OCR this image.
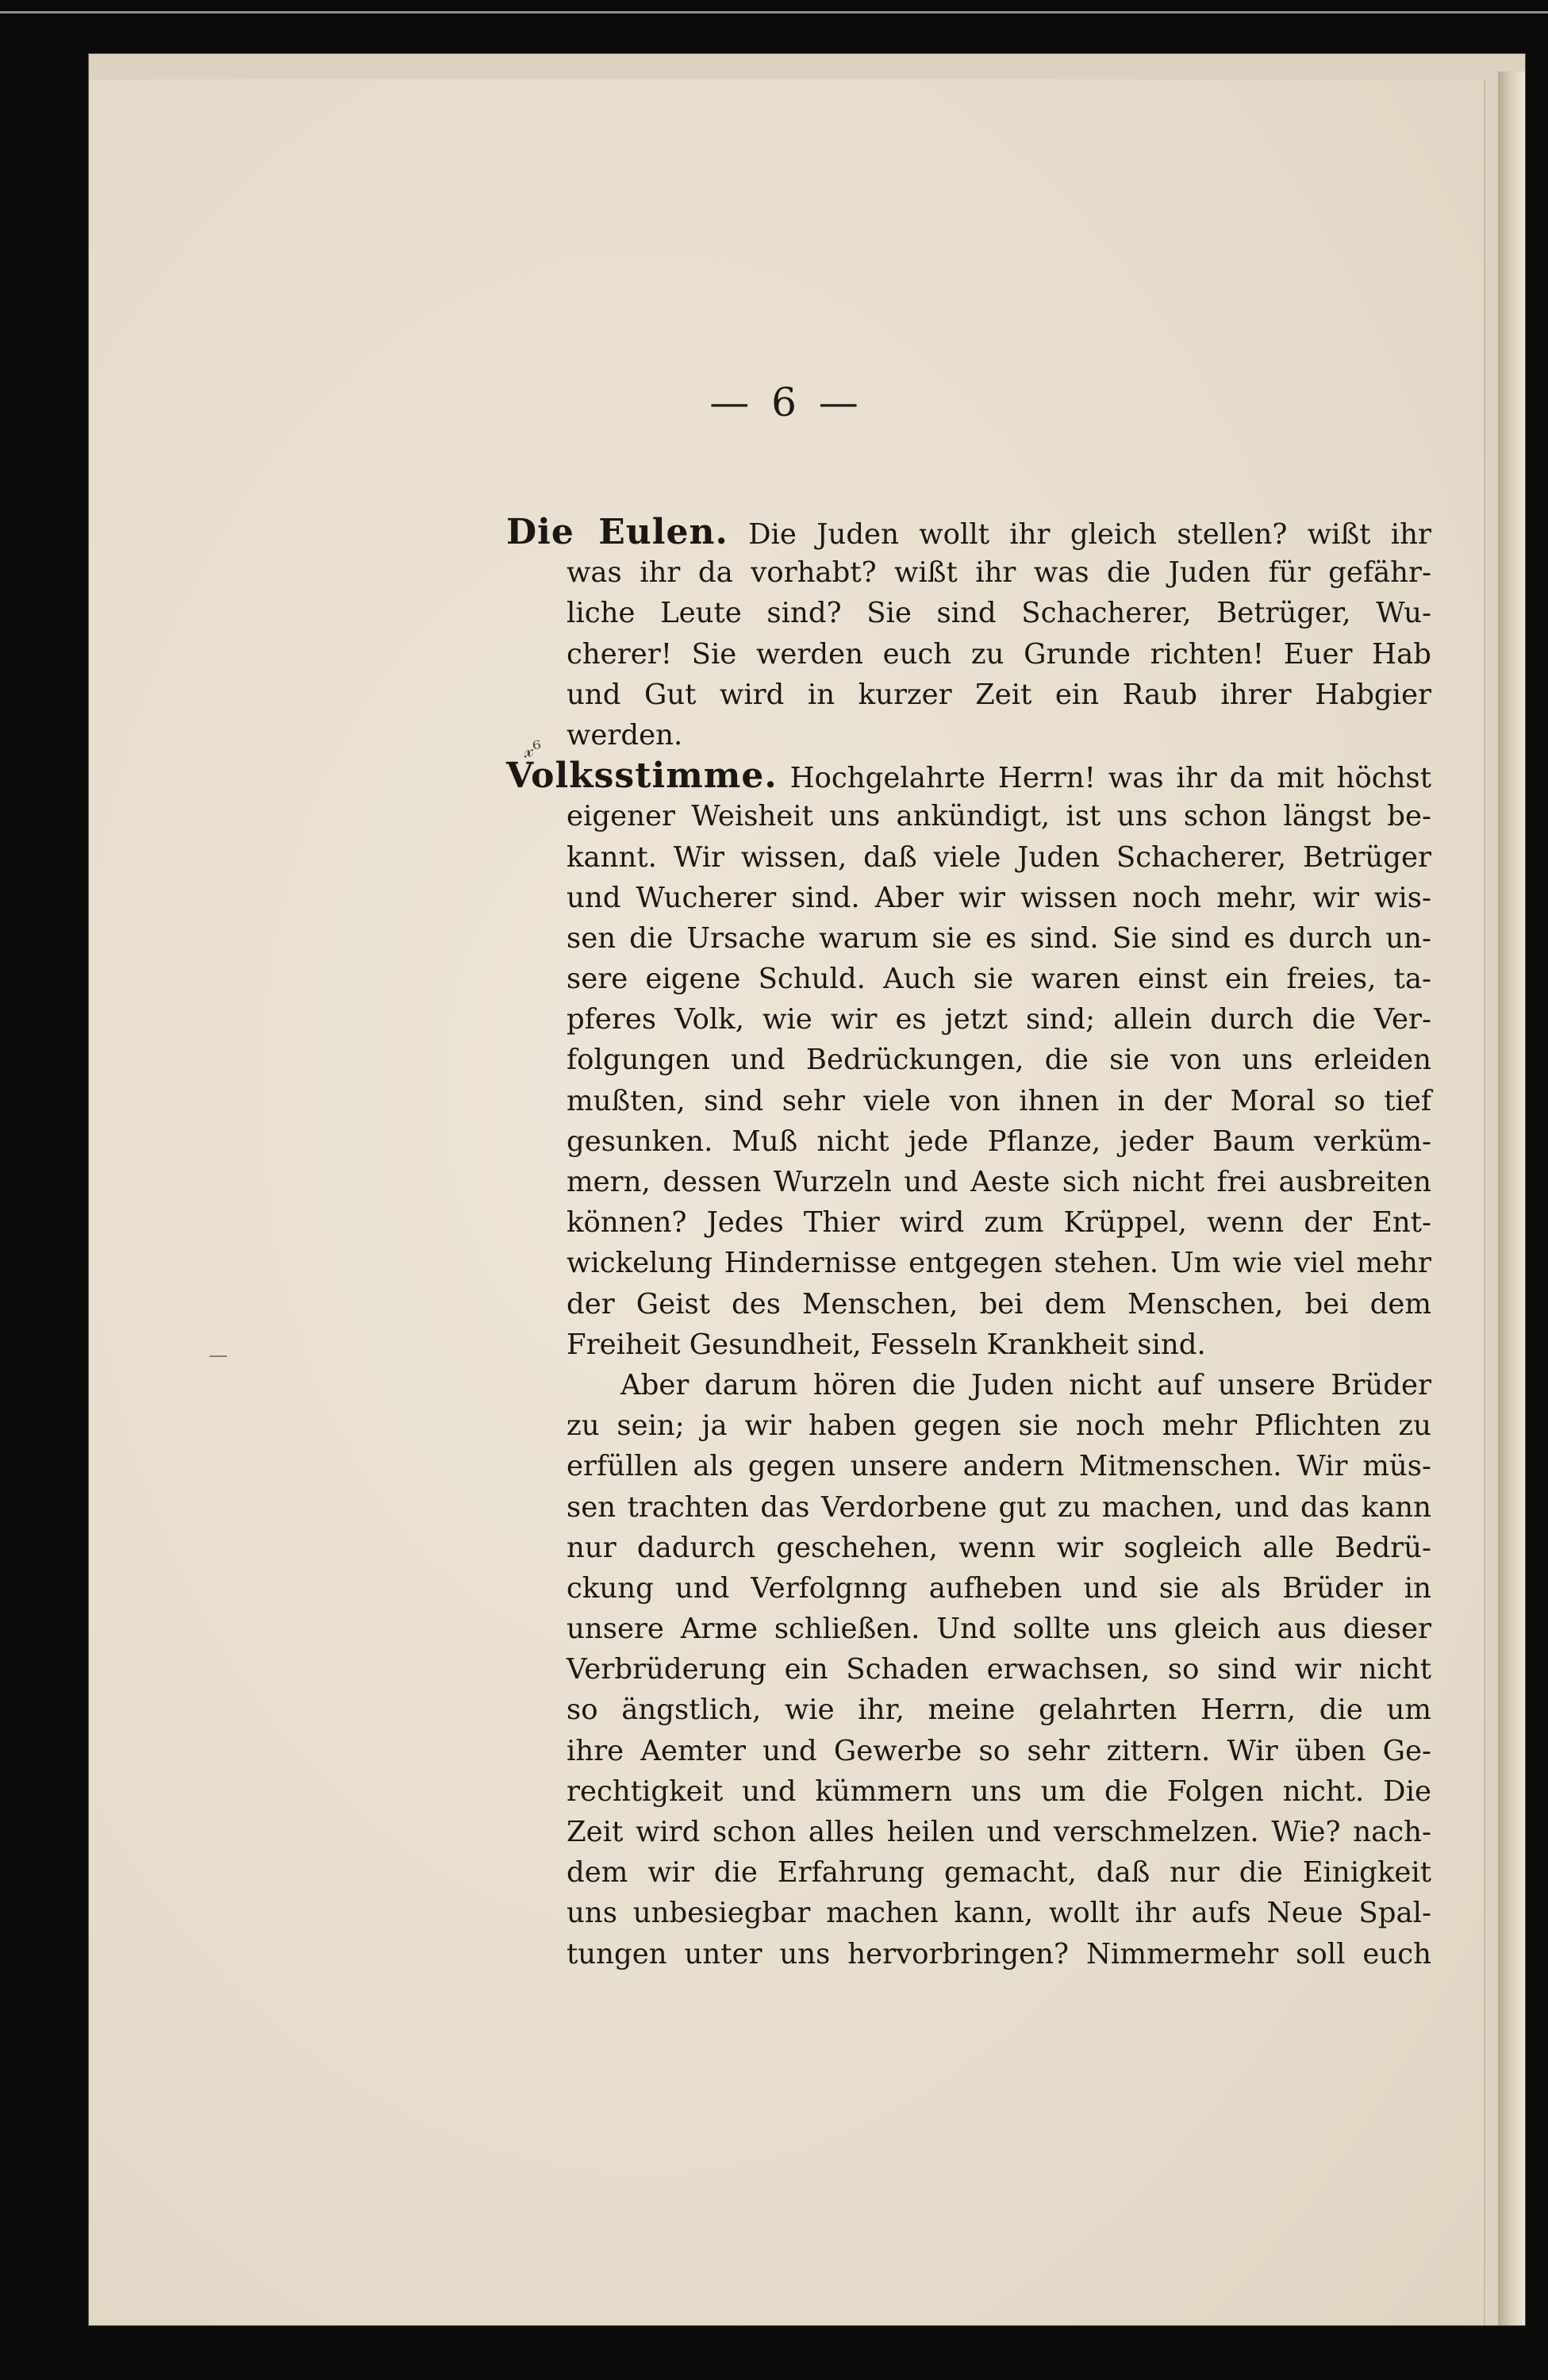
— 6 —
𝓍⁶
Die Eulen. Die Juden wollt ihr gleich stellen? wißt ihr
was ihr da vorhabt? wißt ihr was die Juden für gefähr-
liche Leute sind? Sie sind Schacherer, Betrüger, Wu-
cherer! Sie werden euch zu Grunde richten! Euer Hab
und Gut wird in kurzer Zeit ein Raub ihrer Habgier
werden.
Volksstimme. Hochgelahrte Herrn! was ihr da mit höchst
eigener Weisheit uns ankündigt, ist uns schon längst be-
kannt. Wir wissen, daß viele Juden Schacherer, Betrüger
und Wucherer sind. Aber wir wissen noch mehr, wir wis-
sen die Ursache warum sie es sind. Sie sind es durch un-
sere eigene Schuld. Auch sie waren einst ein freies, ta-
pferes Volk, wie wir es jetzt sind; allein durch die Ver-
folgungen und Bedrückungen, die sie von uns erleiden
mußten, sind sehr viele von ihnen in der Moral so tief
gesunken. Muß nicht jede Pflanze, jeder Baum verküm-
mern, dessen Wurzeln und Aeste sich nicht frei ausbreiten
können? Jedes Thier wird zum Krüppel, wenn der Ent-
wickelung Hindernisse entgegen stehen. Um wie viel mehr
der Geist des Menschen, bei dem Menschen, bei dem
Freiheit Gesundheit, Fesseln Krankheit sind.
Aber darum hören die Juden nicht auf unsere Brüder
zu sein; ja wir haben gegen sie noch mehr Pflichten zu
erfüllen als gegen unsere andern Mitmenschen. Wir müs-
sen trachten das Verdorbene gut zu machen, und das kann
nur dadurch geschehen, wenn wir sogleich alle Bedrü-
ckung und Verfolgnng aufheben und sie als Brüder in
unsere Arme schließen. Und sollte uns gleich aus dieser
Verbrüderung ein Schaden erwachsen, so sind wir nicht
so ängstlich, wie ihr, meine gelahrten Herrn, die um
ihre Aemter und Gewerbe so sehr zittern. Wir üben Ge-
rechtigkeit und kümmern uns um die Folgen nicht. Die
Zeit wird schon alles heilen und verschmelzen. Wie? nach-
dem wir die Erfahrung gemacht, daß nur die Einigkeit
uns unbesiegbar machen kann, wollt ihr aufs Neue Spal-
tungen unter uns hervorbringen? Nimmermehr soll euch
